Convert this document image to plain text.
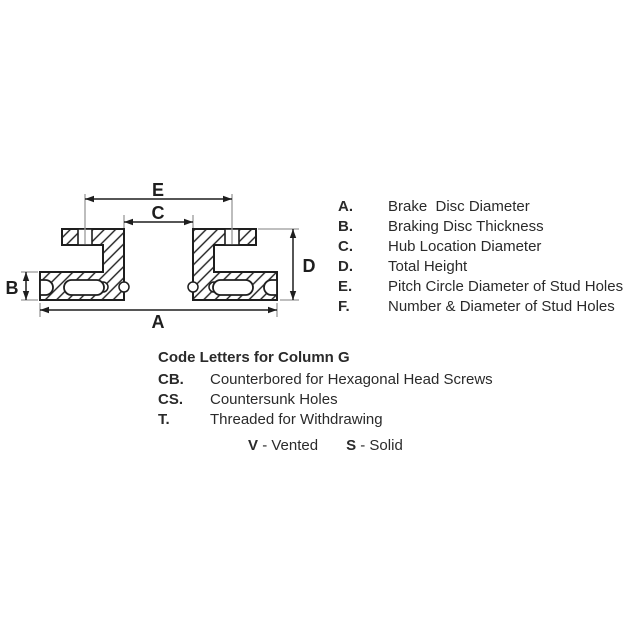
E
C
A
B
D
A.	Brake  Disc Diameter
B.	Braking Disc Thickness
C.	Hub Location Diameter
D.	Total Height
E.	Pitch Circle Diameter of Stud Holes
F.	Number & Diameter of Stud Holes
Code Letters for Column G
CB.	Counterbored for Hexagonal Head Screws
CS.	Countersunk Holes
T.	Threaded for Withdrawing
V - Vented S - Solid
